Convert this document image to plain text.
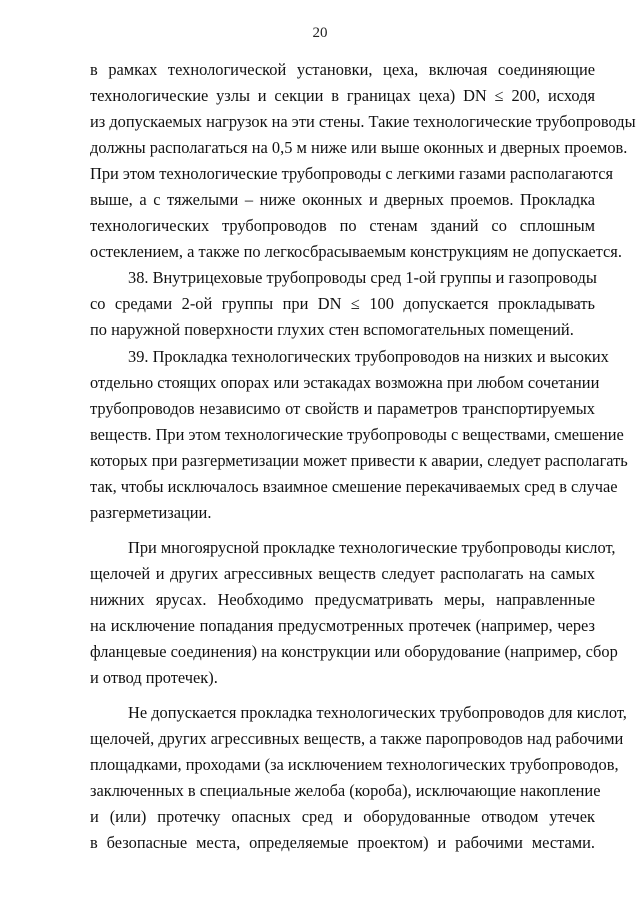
20
в рамках технологической установки, цеха, включая соединяющие
технологические узлы и секции в границах цеха) DN ≤ 200, исходя
из допускаемых нагрузок на эти стены. Такие технологические трубопроводы
должны располагаться на 0,5 м ниже или выше оконных и дверных проемов.
При этом технологические трубопроводы с легкими газами располагаются
выше, а с тяжелыми – ниже оконных и дверных проемов. Прокладка
технологических трубопроводов по стенам зданий со сплошным
остеклением, а также по легкосбрасываемым конструкциям не допускается.
38. Внутрицеховые трубопроводы сред 1-ой группы и газопроводы
со средами 2-ой группы при DN ≤ 100 допускается прокладывать
по наружной поверхности глухих стен вспомогательных помещений.
39. Прокладка технологических трубопроводов на низких и высоких
отдельно стоящих опорах или эстакадах возможна при любом сочетании
трубопроводов независимо от свойств и параметров транспортируемых
веществ. При этом технологические трубопроводы с веществами, смешение
которых при разгерметизации может привести к аварии, следует располагать
так, чтобы исключалось взаимное смешение перекачиваемых сред в случае
разгерметизации.
При многоярусной прокладке технологические трубопроводы кислот,
щелочей и других агрессивных веществ следует располагать на самых
нижних ярусах. Необходимо предусматривать меры, направленные
на исключение попадания предусмотренных протечек (например, через
фланцевые соединения) на конструкции или оборудование (например, сбор
и отвод протечек).
Не допускается прокладка технологических трубопроводов для кислот,
щелочей, других агрессивных веществ, а также паропроводов над рабочими
площадками, проходами (за исключением технологических трубопроводов,
заключенных в специальные желоба (короба), исключающие накопление
и (или) протечку опасных сред и оборудованные отводом утечек
в безопасные места, определяемые проектом) и рабочими местами.
